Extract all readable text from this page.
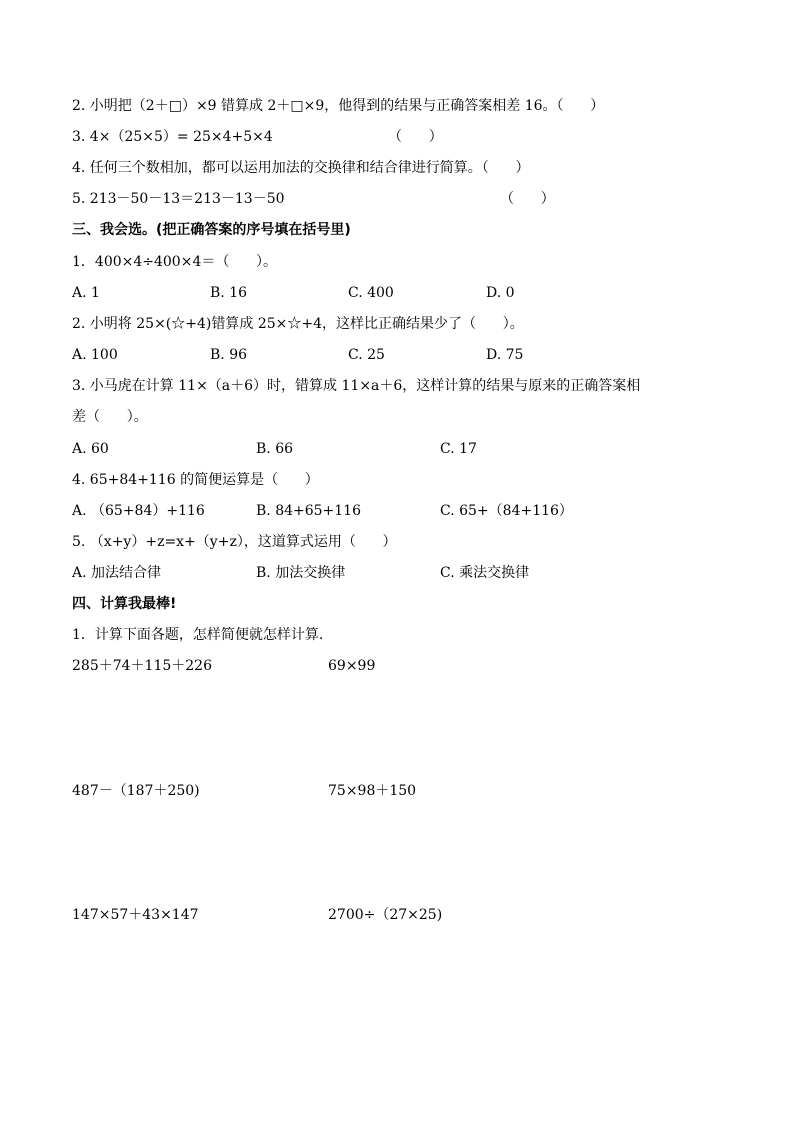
2. 小明把（2＋□）×9 错算成 2＋□×9，他得到的结果与正确答案相差 16。（      ）
3. 4×（25×5）= 25×4+5×4	（      ）
4. 任何三个数相加，都可以运用加法的交换律和结合律进行简算。（      ）
5. 213－50－13＝213－13－50	（      ）
三、我会选。(把正确答案的序号填在括号里)
1．400×4÷400×4＝（      ）。
A. 1	B. 16	C. 400	D. 0
2. 小明将 25×(☆+4)错算成 25×☆+4，这样比正确结果少了（      ）。
A. 100	B. 96	C. 25	D. 75
3. 小马虎在计算 11×（a＋6）时，错算成 11×a＋6，这样计算的结果与原来的正确答案相
差（      ）。
A. 60	B. 66	C. 17
4. 65+84+116 的简便运算是（      ）
A. （65+84）+116	B. 84+65+116	C. 65+（84+116）
5. （x+y）+z=x+（y+z），这道算式运用（      ）
A. 加法结合律	B. 加法交换律	C. 乘法交换律
四、计算我最棒!
1．计算下面各题，怎样简便就怎样计算.
285＋74＋115＋226	69×99
487－（187＋250)	75×98＋150
147×57＋43×147	2700÷（27×25)
